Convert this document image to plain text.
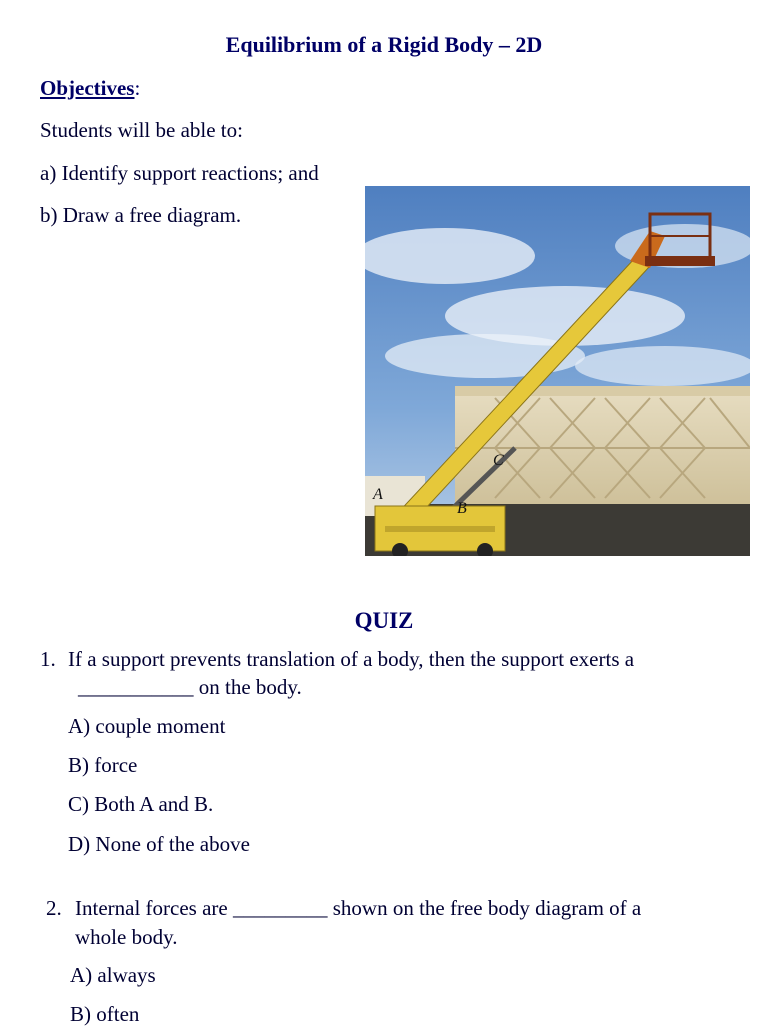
Equilibrium of a Rigid Body – 2D
Objectives:
Students will be able to:
a) Identify support reactions; and
b) Draw a free diagram.
A
B
C
QUIZ
1. If a support prevents translation of a body, then the support exerts a
___________ on the body.
A) couple moment
B) force
C) Both A and B.
D) None of the above
2. Internal forces are _________ shown on the free body diagram of a
whole body.
A) always
B) often
